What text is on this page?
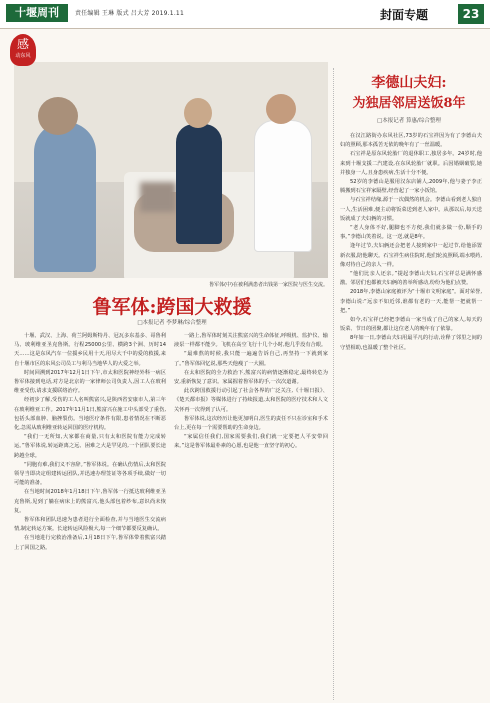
十堰周刊	责任编辑 王琳 版式 吕大芳 2019.1.11	封面专题	23
感
动东风
鲁军体(中)在被利满患者出钱第一家医院与医生交流。
鲁军体:跨国大救援
□本报记者 李梦琳/综合整理

十堰、武汉、上海、荷兰阿姆斯特丹、冠瓦多东基多、哥鲁利马、玻利维亚圣克鲁斯。行程25000公里、横跨3个洲、历时14天……这是东风汽车一位援乡民用十天,用尽大千中的爱的救援,来自十堰市区的东风公司员工与利马当地华人的大爱之举。

时间回溯到2017年12月1日下午,市太和医院神经外科一病区鲁军体接到电话,对方是北京的一家律师公司负责人,因工人在玻利维亚受伤,请求支援联络治疗。

经初步了解,受伤的工人名叫熊富兴,是陕西省安康市人,第三年在玻利维亚工作。2017年11月1日,熊富兴在施工中头部受了重伤,包括头部血肿、脑挫裂伤。当地医疗条件有限,患者情况在不断恶化,急需从玻利维亚转运回国的医疗机构。

“我们一无所知,大家都在商量,只有太和医院有能力完成转运。”鲁军体说,转运距离之远、困难之大是罕见的,一个团队要长途跨越全球。

“同胞有难,我们义不容辞。”鲁军体说。在确认伤情后,太和医院领导当即决定组建转运团队,并迅速办理签证等各项手续,做好一切可能的准备。

在当地时间2018年1月18日下午,鲁军体一行抵达玻利维亚圣克鲁斯,见到了躺在病床上的熊富兴,他头部包着纱布,意识尚未恢复。

鲁军体和团队迅速为患者进行全面检查,并与当地医生交流病情,制定转运方案。长途转运风险极大,每一个细节都要反复确认。

在当地进行完救治准备后,1月18日下午,鲁军体带着熊富兴踏上了回国之路。

一路上,鲁军体时刻关注熊富兴的生命体征,呼吸机、监护仪、输液泵一样都不能少。飞机在高空飞行十几个小时,他几乎没有合眼。

“最难熬的时候,我只能一遍遍告诉自己,再坚持一下就到家了。”鲁军体回忆说,那些天他瘦了一大圈。

在太和医院的全力救治下,熊富兴的病情逐渐稳定,最终转危为安,重新恢复了意识。家属握着鲁军体的手,一次次道谢。

此次跨国救援行动引起了社会各界的广泛关注,《十堰日报》、《楚天都市报》等媒体进行了持续报道,太和医院的医疗技术和人文关怀再一次得到了认可。

鲁军体说,这次经历让他更加明白,医生的责任不只在诊室和手术台上,更在每一个需要帮助的生命身边。

“家属信任我们,国家需要我们,我们就一定要把人平安带回来。”这是鲁军体最朴素的心愿,也是他一直坚守的初心。

李德山夫妇:
为独居邻居送饭8年
□本报记者 算惠/综合整理

在汉江路街办东风社区,73岁的石宝祥因为有了李德山夫妇的照顾,那本孤苦无依的晚年有了一丝温暖。

石宝祥是原东风轮胎厂的退休职工,独居多年。24岁时,他来到十堰支援二汽建设,在东风轮胎厂就职。后因婚姻破裂,她并独身一人,且身患疾病,生活十分不便。

52岁的李德山是服用汉东店铺人,2009年,他与妻子李正腾搬到石宝祥家隔壁,经营起了一家小饭馆。

与石宝祥结缘,源于一次偶然的机会。李德山看到老人独自一人,生活困难,便主动将饭菜送到老人家中。从那以后,每天送饭就成了夫妇俩的习惯。

“老人身体不好,腿脚也不方便,我们就多做一份,顺手的事。”李德山笑着说。这一送,就是8年。

逢年过节,夫妇俩还会把老人接到家中一起过节,给他添置新衣服,陪他聊天。石宝祥生病住院时,他们轮流照顾,端水喂药,像对待自己的亲人一样。

“他们比亲人还亲。”提起李德山夫妇,石宝祥总是满怀感激。邻居们也都被夫妇俩的善举所感动,纷纷为他们点赞。

2018年,李德山家庭被评为“十堰市文明家庭”。面对荣誉,李德山说:“远亲不如近邻,谁都有老的一天,能帮一把就帮一把。”

如今,石宝祥已经把李德山一家当成了自己的家人,每天的饭菜、节日的团聚,都让这位老人的晚年有了依靠。

8年如一日,李德山夫妇用最平凡的行动,诠释了邻里之间的守望相助,也温暖了整个社区。
